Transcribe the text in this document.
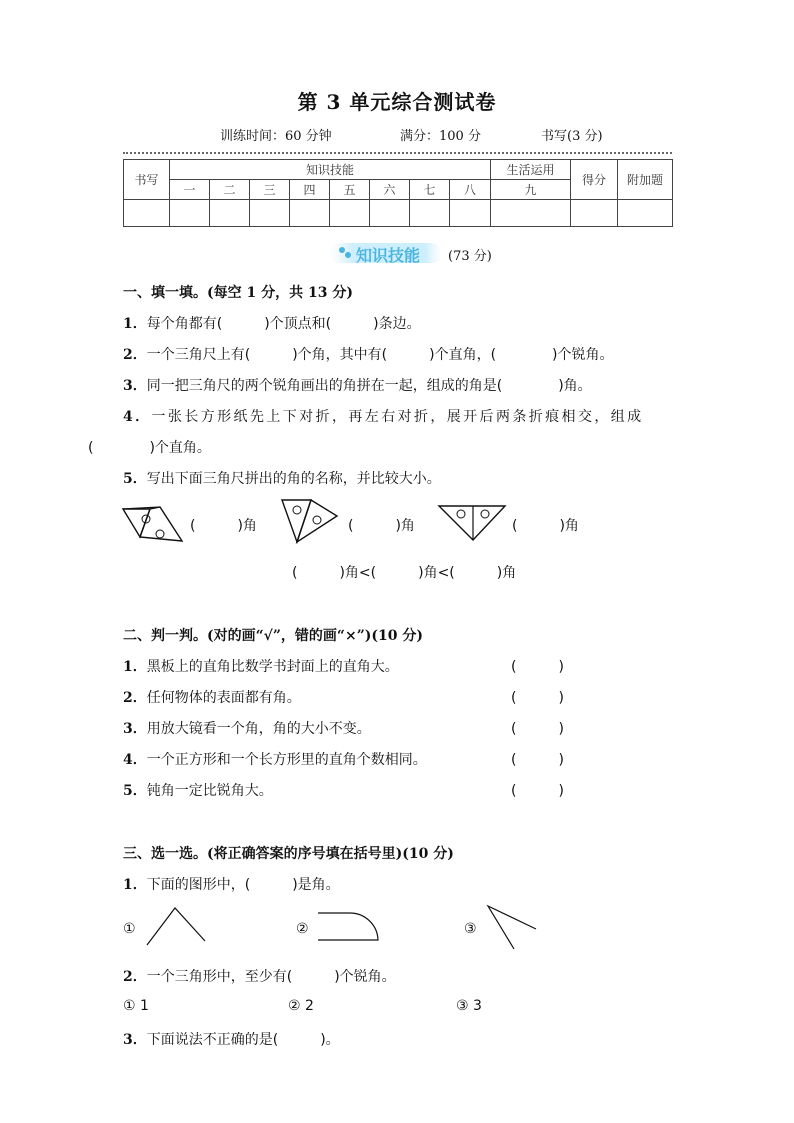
第 3 单元综合测试卷
训练时间：60 分钟	满分：100 分	书写(3 分)
书写	知识技能								生活运用	得分	附加题
	一	二	三	四	五	六	七	八	九		

知识技能 (73 分)
一、填一填。(每空 1 分，共 13 分)
1．每个角都有(　　　)个顶点和(　　　)条边。
2．一个三角尺上有(　　　)个角，其中有(　　　)个直角，(　　　　)个锐角。
3．同一把三角尺的两个锐角画出的角拼在一起，组成的角是(　　　　)角。
4．一张长方形纸先上下对折，再左右对折，展开后两条折痕相交，组成
(　　　　)个直角。
5．写出下面三角尺拼出的角的名称，并比较大小。
(　　　)角	(　　　)角	(　　　)角
(　　　)角<(　　　)角<(　　　)角
二、判一判。(对的画“√”，错的画“×”)(10 分)
1．黑板上的直角比数学书封面上的直角大。	(　　　)
2．任何物体的表面都有角。	(　　　)
3．用放大镜看一个角，角的大小不变。	(　　　)
4．一个正方形和一个长方形里的直角个数相同。	(　　　)
5．钝角一定比锐角大。	(　　　)
三、选一选。(将正确答案的序号填在括号里)(10 分)
1．下面的图形中，(　　　)是角。
①	②	③
2．一个三角形中，至少有(　　　)个锐角。
① 1	② 2	③ 3
3．下面说法不正确的是(　　　)。
